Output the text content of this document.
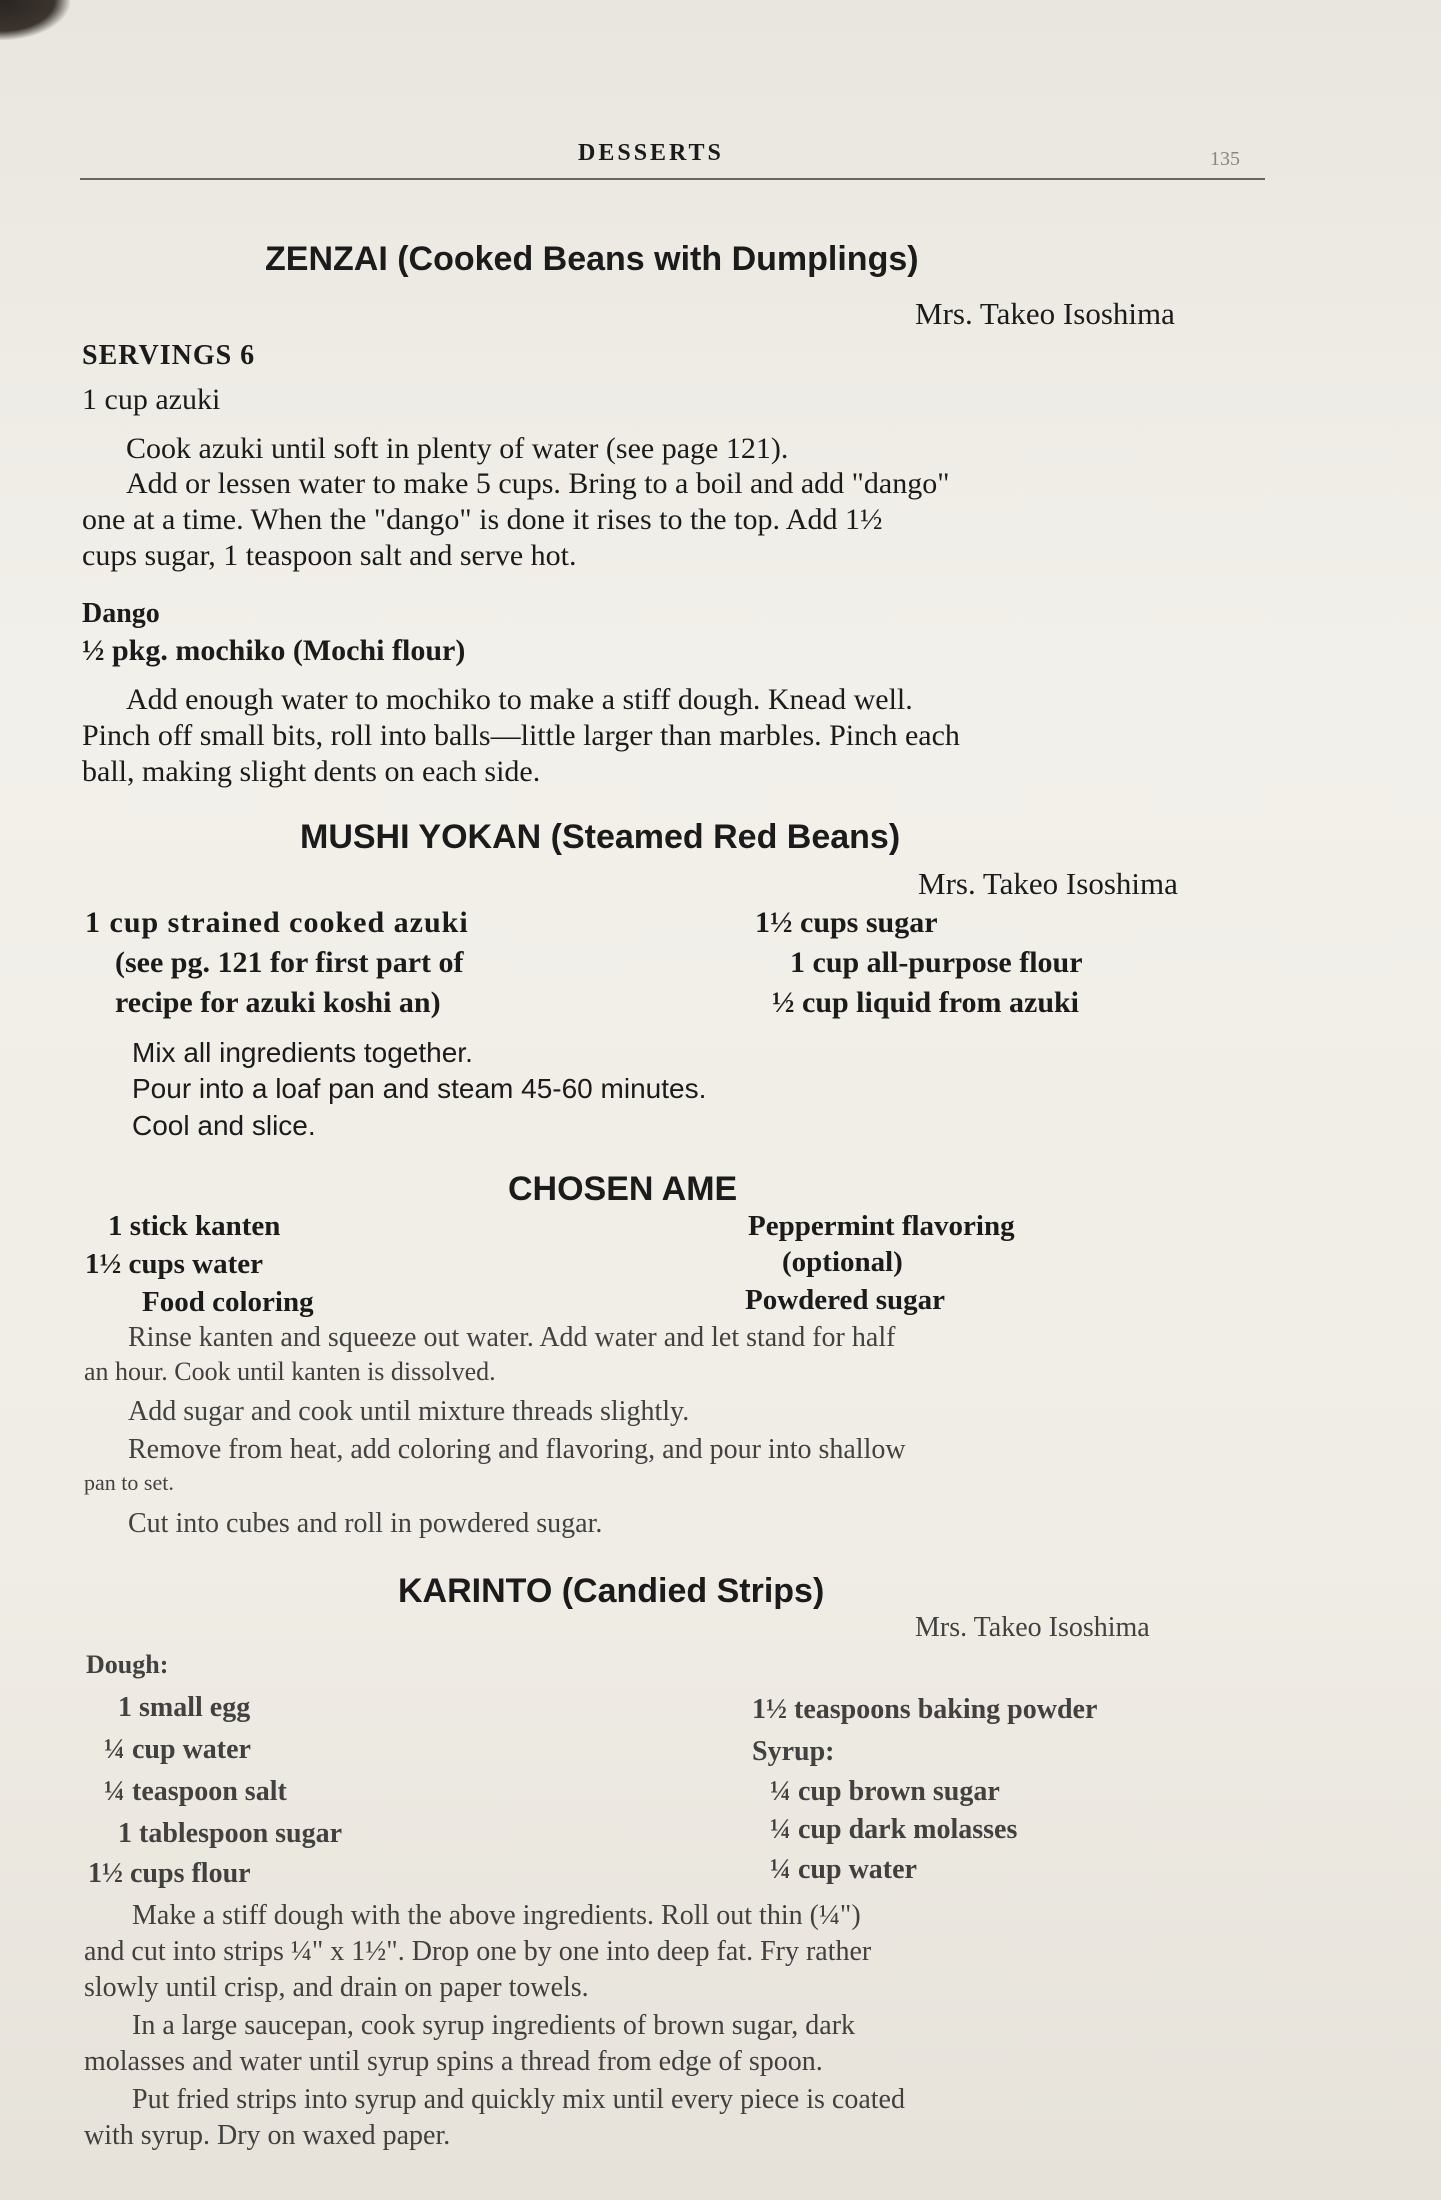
DESSERTS	135
ZENZAI (Cooked Beans with Dumplings)
Mrs. Takeo Isoshima
SERVINGS 6
1 cup azuki
Cook azuki until soft in plenty of water (see page 121).
Add or lessen water to make 5 cups. Bring to a boil and add "dango"
one at a time. When the "dango" is done it rises to the top. Add 1½
cups sugar, 1 teaspoon salt and serve hot.
Dango
½ pkg. mochiko (Mochi flour)
Add enough water to mochiko to make a stiff dough. Knead well.
Pinch off small bits, roll into balls—little larger than marbles. Pinch each
ball, making slight dents on each side.
MUSHI YOKAN (Steamed Red Beans)
Mrs. Takeo Isoshima
1 cup strained cooked azuki
(see pg. 121 for first part of
recipe for azuki koshi an)
1½ cups sugar
1 cup all-purpose flour
½ cup liquid from azuki
Mix all ingredients together.
Pour into a loaf pan and steam 45-60 minutes.
Cool and slice.
CHOSEN AME
1 stick kanten
1½ cups water
Food coloring
Peppermint flavoring
(optional)
Powdered sugar
Rinse kanten and squeeze out water. Add water and let stand for half
an hour. Cook until kanten is dissolved.
Add sugar and cook until mixture threads slightly.
Remove from heat, add coloring and flavoring, and pour into shallow
pan to set.
Cut into cubes and roll in powdered sugar.
KARINTO (Candied Strips)
Mrs. Takeo Isoshima
Dough:
1 small egg
¼ cup water
¼ teaspoon salt
1 tablespoon sugar
1½ cups flour
1½ teaspoons baking powder
Syrup:
¼ cup brown sugar
¼ cup dark molasses
¼ cup water
Make a stiff dough with the above ingredients. Roll out thin (¼")
and cut into strips ¼" x 1½". Drop one by one into deep fat. Fry rather
slowly until crisp, and drain on paper towels.
In a large saucepan, cook syrup ingredients of brown sugar, dark
molasses and water until syrup spins a thread from edge of spoon.
Put fried strips into syrup and quickly mix until every piece is coated
with syrup. Dry on waxed paper.
